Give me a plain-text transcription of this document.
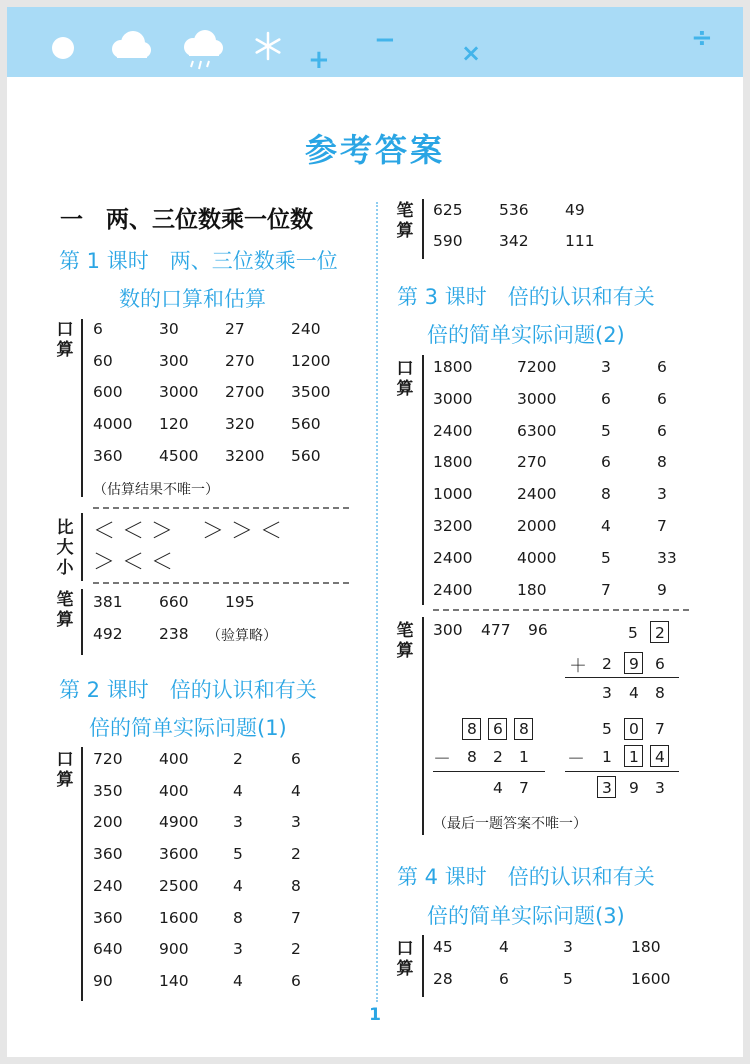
+
−	×	÷
参考答案
一　两、三位数乘一位数
第 1 课时　两、三位数乘一位
数的口算和估算
口
算
6	30	27	240
60	300 270 1200
600 3000 2700 3500
4000 120 320 560
360 4500 3200 560
（估算结果不唯一）
比
大
小
＜ ＜ ＞　 ＞ ＞ ＜
＞ ＜ ＜
笔
算
381 660 195
492 238 （验算略）
第 2 课时　倍的认识和有关
倍的简单实际问题(1)
口
算
720 400	2	6
350 400	4	4
200 4900 3	3
360 3600 5	2
240 2500 4	8
360 1600 8	7
640 900	3	2
90	140	4	6
笔
算
625 536 49
590 342 111
第 3 课时　倍的认识和有关
倍的简单实际问题(2)
口
算
1800	7200	3	6
3000	3000	6	6
2400	6300	5	6
1800	270	6	8
1000	2400	8	3
3200	2000	4	7
2400	4000	5	33
2400	180	7	9
笔
算
300 477 96	5 2
＋ 2 9 6
3 4 8
8 6 8
－ 8 2 1
4 7
5 0 7
－ 1 1 4
3 9 3
（最后一题答案不唯一）
第 4 课时　倍的认识和有关
倍的简单实际问题(3)
口
算
45	4	3	180
28	6	5	1600
1
